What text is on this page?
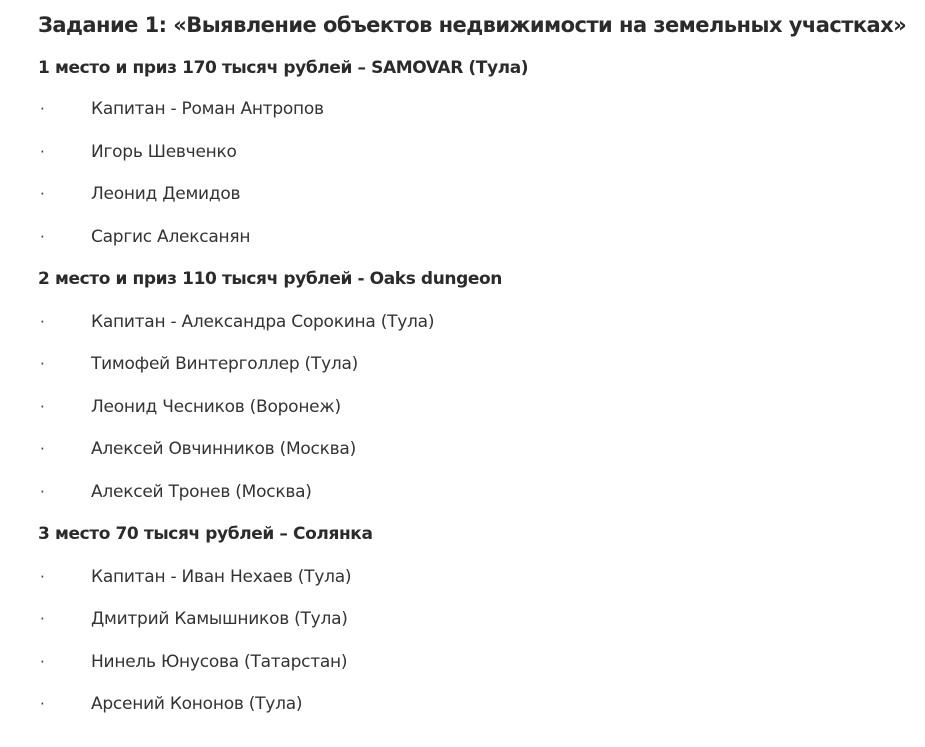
Задание 1: «Выявление объектов недвижимости на земельных участках»
1 место и приз 170 тысяч рублей – SAMOVAR (Тула)
·	Капитан - Роман Антропов
·	Игорь Шевченко
·	Леонид Демидов
·	Саргис Алексанян
2 место и приз 110 тысяч рублей - Oaks dungeon
·	Капитан - Александра Сорокина (Тула)
·	Тимофей Винтерголлер (Тула)
·	Леонид Чесников (Воронеж)
·	Алексей Овчинников (Москва)
·	Алексей Тронев (Москва)
3 место 70 тысяч рублей – Солянка
·	Капитан - Иван Нехаев (Тула)
·	Дмитрий Камышников (Тула)
·	Нинель Юнусова (Татарстан)
·	Арсений Кононов (Тула)
